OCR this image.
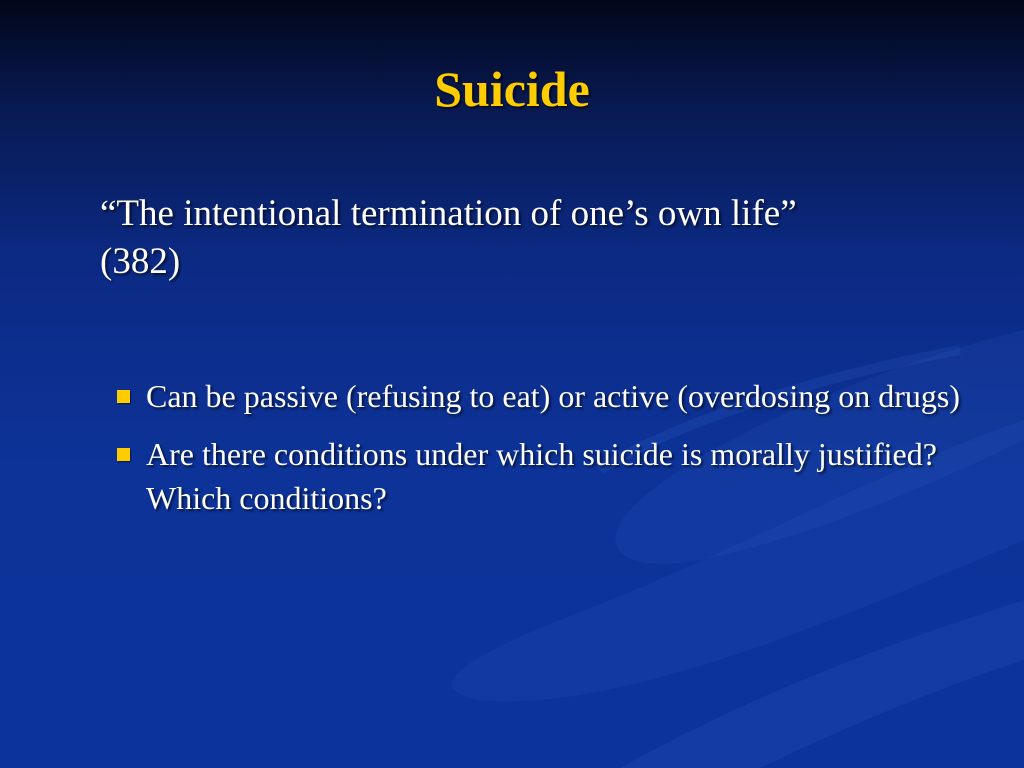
Suicide
“The intentional termination of one’s own life”
(382)
Can be passive (refusing to eat) or active (overdosing on drugs)
Are there conditions under which suicide is morally justified? Which conditions?
